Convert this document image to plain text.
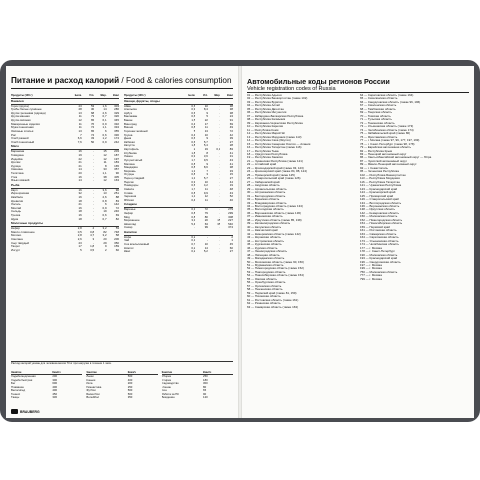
Питание и расход калорий / Food & calories consumption
Продукты (100 г)	Белк.	Угл.	Жир.	Ккал
Бакалея
Горох (крупа)	23	53	1,6	303
Грибы белые сушёные	28	30	14	286
Крупа гречневая (ядрица)	13	68	2,6	329
Крупа манная	11	73	0,7	326
Крупа овсяная	12	65	6,1	345
Макаронные изделия	11	76	0,9	332
Мука пшеничная	11	74	1,1	334
Овсяные хлопья	13	65	6	355
Рис	7	74	0,6	330
Хлеб ржаной	6,6	33	1,2	174
Хлеб пшеничный	7,6	50	0,9	242
Мясо
Баранина	16	-	15	203
Говядина	19	-	12	187
Индейка	22	-	12	197
Кролик	21	-	11	183
Курица	21	-	8	165
Свинина	14	-	33	357
Телятина	20	-	1,1	90
Утка	16	-	38	405
Язык говяжий	14	-	12	163
Рыба
Карп	16	-	3,6	96
Икра красная	32	-	13	251
Камбала	16	-	2,6	88
Креветки	18	-	0,8	83
Лосось	21	-	6	142
Минтай	16	-	0,9	72
Сельдь	18	-	19	246
Треска	16	-	0,6	69
Щука	18	-	0,7	82
Молочные продукты
Кефир	2,8	4	3,2	59
Масло сливочное	0,5	0,8	82	748
Молоко	2,8	4,7	3,2	58
Сметана	2,6	3	20	206
Сыр твёрдый	23	-	29	350
Творог	17	1,8	9	159
Йогурт	5	3,5	2	60
Продукты (100 г)	Белк.	Угл.	Жир.	Ккал
Овощи, фрукты, ягоды
Айва	0,6	10	-	38
Апельсин	0,9	8,4	-	38
Арбуз	0,6	9	-	38
Баклажан	0,6	5	-	24
Банан	1,5	22	-	91
Виноград	0,4	17	-	69
Вишня	0,8	11	-	49
Горошек зелёный	5	13	-	72
Груша	0,4	10	-	42
Дыня	0,6	9	-	39
Кабачки	0,6	5,7	-	27
Капуста	1,8	5,4	-	28
Картофель	2	19	0,1	83
Клубника	1,8	8	-	41
Лимон	0,9	3,6	-	31
Лук репчатый	1,7	9,5	-	43
Малина	0,8	9	-	41
Мандарин	0,8	8,6	-	38
Морковь	1,3	7	-	33
Огурцы	0,8	3	-	15
Перец сладкий	1,3	5,7	-	27
Персик	0,9	10	-	44
Помидоры	0,6	4,2	-	19
Свёкла	1,7	11	-	48
Слива	0,8	9,9	-	43
Черешня	1,1	12	-	52
Яблоки	0,4	11	-	46
Сладкое
Варенье	0,3	72	-	279
Зефир	0,8	79	-	299
Мёд	0,8	80	-	308
Мороженое	3,3	20	15	227
Шоколад	5,4	63	35	540
Сахар	-	99	-	374
Напитки
Кофе	0,2	-	-	2
Чай	0,1	-	-	1
Сок апельсиновый	0,7	10	-	45
Компот	0,2	14	-	60
Квас	0,2	5,2	-	27
Расход калорий указан для человека весом 70 кг при нагрузке в течение 1 часа.
Занятие	Ккал/ч
Ходьба медленная	200
Ходьба быстрая	300
Бег	600
Плавание	400
Велосипед	400
Теннис	450
Танцы	330
Занятие	Ккал/ч
Лыжи	500
Коньки	400
Йога	200
Гимнастика	250
Футбол	500
Баскетбол	500
Волейбол	350
Занятие	Ккал/ч
Уборка	250
Стирка	180
Садоводство	300
Чтение	80
Сон	65
Работа за ПК	90
Вождение	120
BRAUBERG
Автомобильные коды регионов России
Vehicle registration codes of Russia
01 — Республика Адыгея
02 — Республика Башкортостан (также 102)
03 — Республика Бурятия
04 — Республика Алтай
05 — Республика Дагестан
06 — Республика Ингушетия
07 — Кабардино-Балкарская Республика
08 — Республика Калмыкия
09 — Карачаево-Черкесская Республика
10 — Республика Карелия
11 — Республика Коми
12 — Республика Марий Эл
13 — Республика Мордовия (также 113)
14 — Республика Саха (Якутия)
15 — Республика Северная Осетия — Алания
16 — Республика Татарстан (также 116)
17 — Республика Тыва
18 — Удмуртская Республика
19 — Республика Хакасия
21 — Чувашская Республика (также 121)
22 — Алтайский край
23 — Краснодарский край (также 93, 123)
24 — Красноярский край (также 84, 88, 124)
25 — Приморский край (также 125)
26 — Ставропольский край (также 126)
27 — Хабаровский край
28 — Амурская область
29 — Архангельская область
30 — Астраханская область
31 — Белгородская область
32 — Брянская область
33 — Владимирская область
34 — Волгоградская область (также 134)
35 — Вологодская область
36 — Воронежская область (также 136)
37 — Ивановская область
38 — Иркутская область (также 85, 138)
39 — Калининградская область
40 — Калужская область
41 — Камчатский край
42 — Кемеровская область (также 142)
43 — Кировская область
44 — Костромская область
45 — Курганская область
46 — Курская область
47 — Ленинградская область
48 — Липецкая область
49 — Магаданская область
50 — Московская область (также 90, 150)
51 — Мурманская область
52 — Нижегородская область (также 152)
53 — Новгородская область
54 — Новосибирская область (также 154)
55 — Омская область
56 — Оренбургская область
57 — Орловская область
58 — Пензенская область
59 — Пермский край (также 81, 159)
60 — Псковская область
61 — Ростовская область (также 161)
62 — Рязанская область
63 — Самарская область (также 163)
64 — Саратовская область (также 164)
65 — Сахалинская область
66 — Свердловская область (также 96, 196)
67 — Смоленская область
68 — Тамбовская область
69 — Тверская область
70 — Томская область
71 — Тульская область
72 — Тюменская область
73 — Ульяновская область (также 173)
74 — Челябинская область (также 174)
75 — Забайкальский край (также 80)
76 — Ярославская область
77 — г. Москва (также 97, 99, 177, 197, 199)
78 — г. Санкт-Петербург (также 98, 178)
79 — Еврейская автономная область
82 — Республика Крым
83 — Ненецкий автономный округ
86 — Ханты-Мансийский автономный округ — Югра
87 — Чукотский автономный округ
89 — Ямало-Ненецкий автономный округ
92 — г. Севастополь
95 — Чеченская Республика
102 — Республика Башкортостан
113 — Республика Мордовия
116 — Республика Татарстан
121 — Чувашская Республика
123 — Краснодарский край
124 — Красноярский край
125 — Приморский край
126 — Ставропольский край
134 — Волгоградская область
136 — Воронежская область
138 — Иркутская область
142 — Кемеровская область
150 — Московская область
152 — Нижегородская область
154 — Новосибирская область
159 — Пермский край
161 — Ростовская область
163 — Самарская область
164 — Саратовская область
173 — Ульяновская область
174 — Челябинская область
177 — г. Москва
178 — г. Санкт-Петербург
190 — Московская область
193 — Краснодарский край
196 — Свердловская область
197 — г. Москва
199 — г. Москва
750 — Московская область
777 — г. Москва
799 — г. Москва
